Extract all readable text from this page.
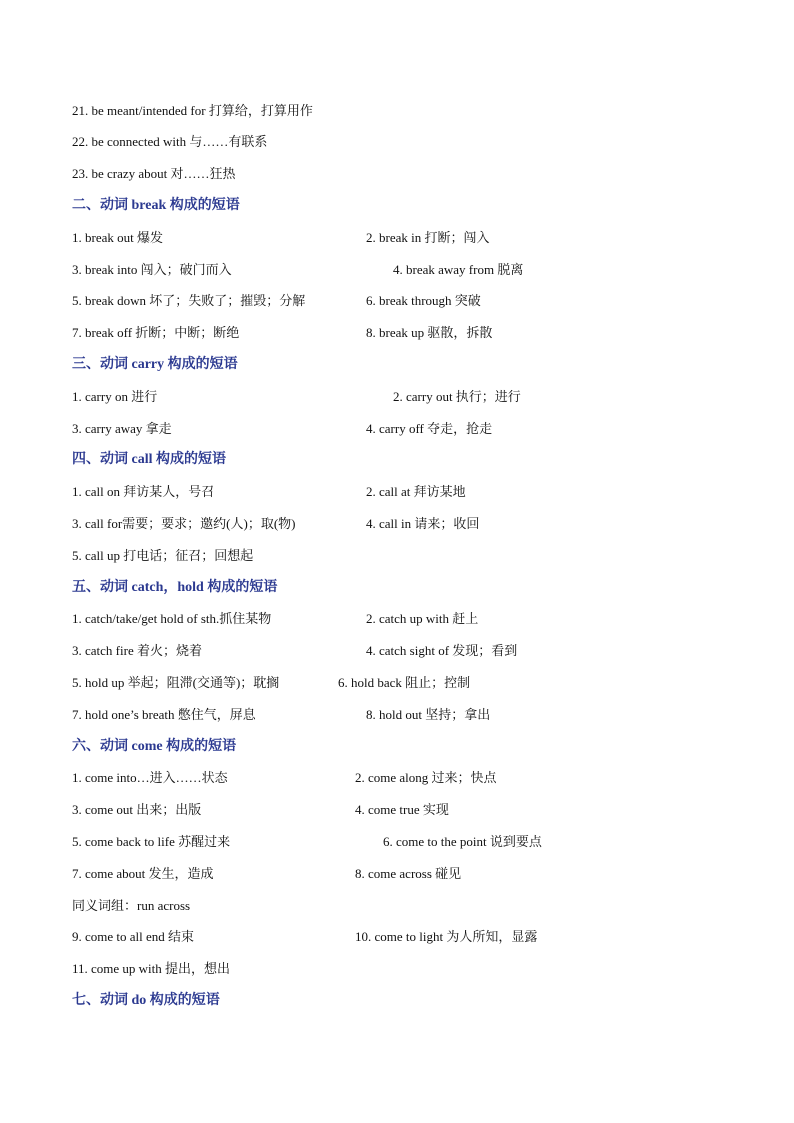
21. be meant/intended for 打算给，打算用作
22. be connected with 与……有联系
23. be crazy about 对……狂热
二、动词 break 构成的短语
1. break out 爆发	2. break in 打断；闯入
3. break into 闯入；破门而入	4. break away from 脱离
5. break down 坏了；失败了；摧毁；分解	6. break through 突破
7. break off 折断；中断；断绝	8. break up 驱散，拆散
三、动词 carry 构成的短语
1. carry on 进行	2. carry out 执行；进行
3. carry away 拿走	4. carry off 夺走，抢走
四、动词 call 构成的短语
1. call on 拜访某人，号召	2. call at 拜访某地
3. call for需要；要求；邀约(人)；取(物)	4. call in 请来；收回
5. call up 打电话；征召；回想起
五、动词 catch，hold 构成的短语
1. catch/take/get hold of sth.抓住某物	2. catch up with 赶上
3. catch fire 着火；烧着	4. catch sight of 发现；看到
5. hold up 举起；阻滞(交通等)；耽搁	6. hold back 阻止；控制
7. hold one’s breath 憋住气，屏息	8. hold out 坚持；拿出
六、动词 come 构成的短语
1. come into…进入……状态	2. come along 过来；快点
3. come out 出来；出版	4. come true 实现
5. come back to life 苏醒过来	6. come to the point 说到要点
7. come about 发生，造成	8. come across 碰见
同义词组：run across
9. come to all end 结束	10. come to light 为人所知，显露
11. come up with 提出，想出
七、动词 do 构成的短语
